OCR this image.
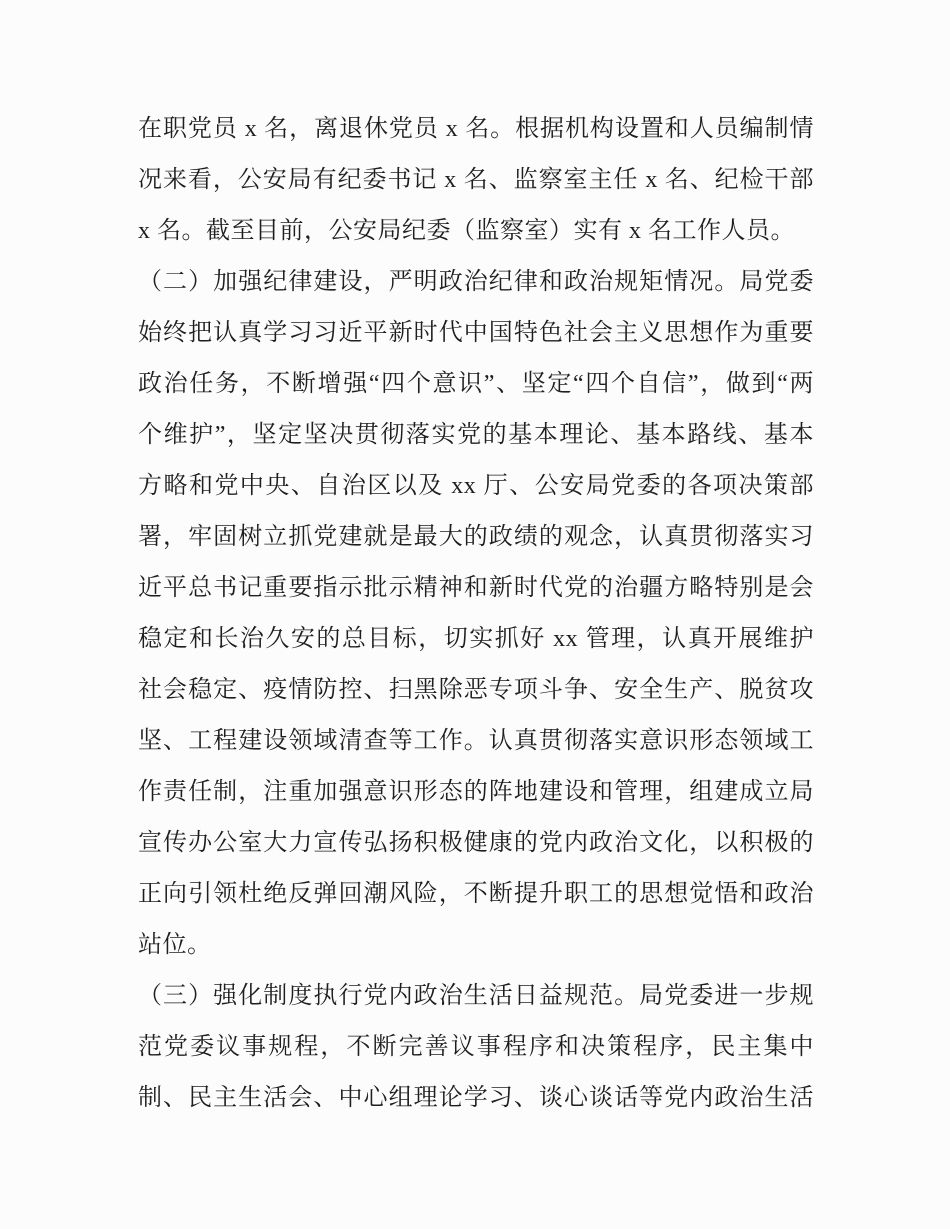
在职党员 x 名，离退休党员 x 名。根据机构设置和人员编制情
况来看，公安局有纪委书记 x 名、监察室主任 x 名、纪检干部
x 名。截至目前，公安局纪委（监察室）实有 x 名工作人员。
（二）加强纪律建设，严明政治纪律和政治规矩情况。局党委
始终把认真学习习近平新时代中国特色社会主义思想作为重要
政治任务，不断增强“四个意识”、坚定“四个自信”，做到“两
个维护”，坚定坚决贯彻落实党的基本理论、基本路线、基本
方略和党中央、自治区以及 xx 厅、公安局党委的各项决策部
署，牢固树立抓党建就是最大的政绩的观念，认真贯彻落实习
近平总书记重要指示批示精神和新时代党的治疆方略特别是会
稳定和长治久安的总目标，切实抓好 xx 管理，认真开展维护
社会稳定、疫情防控、扫黑除恶专项斗争、安全生产、脱贫攻
坚、工程建设领域清查等工作。认真贯彻落实意识形态领域工
作责任制，注重加强意识形态的阵地建设和管理，组建成立局
宣传办公室大力宣传弘扬积极健康的党内政治文化，以积极的
正向引领杜绝反弹回潮风险，不断提升职工的思想觉悟和政治
站位。
（三）强化制度执行党内政治生活日益规范。局党委进一步规
范党委议事规程，不断完善议事程序和决策程序，民主集中
制、民主生活会、中心组理论学习、谈心谈话等党内政治生活
